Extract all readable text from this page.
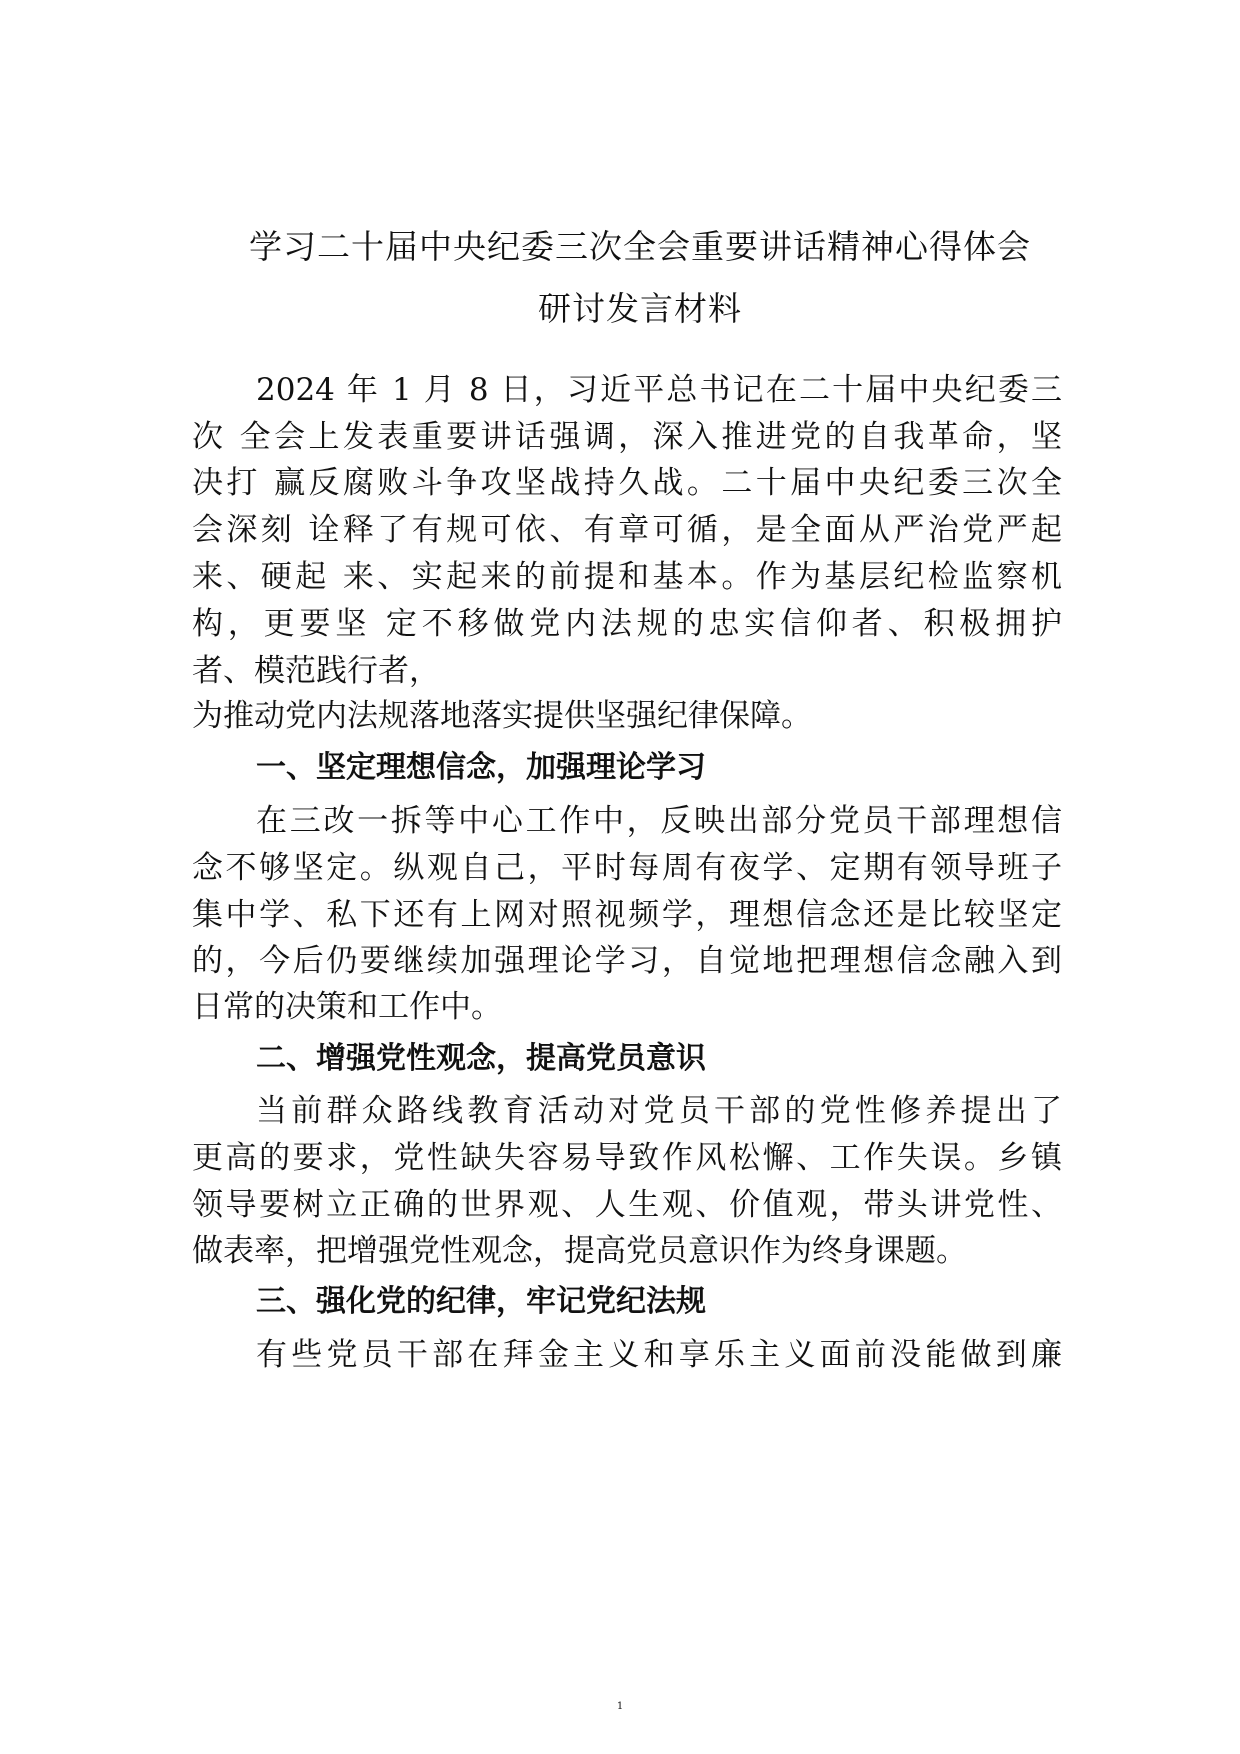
学习二十届中央纪委三次全会重要讲话精神心得体会
研讨发言材料
2024 年 1 月 8 日，习近平总书记在二十届中央纪委三
次 全会上发表重要讲话强调，深入推进党的自我革命，坚
决打 赢反腐败斗争攻坚战持久战。二十届中央纪委三次全
会深刻 诠释了有规可依、有章可循，是全面从严治党严起
来、硬起 来、实起来的前提和基本。作为基层纪检监察机
构，更要坚 定不移做党内法规的忠实信仰者、积极拥护
者、模范践行者，
为推动党内法规落地落实提供坚强纪律保障。
一、坚定理想信念，加强理论学习
在三改一拆等中心工作中，反映出部分党员干部理想信
念不够坚定。纵观自己，平时每周有夜学、定期有领导班子
集中学、私下还有上网对照视频学，理想信念还是比较坚定
的，今后仍要继续加强理论学习，自觉地把理想信念融入到
日常的决策和工作中。
二、增强党性观念，提高党员意识
当前群众路线教育活动对党员干部的党性修养提出了
更高的要求，党性缺失容易导致作风松懈、工作失误。乡镇
领导要树立正确的世界观、人生观、价值观，带头讲党性、
做表率，把增强党性观念，提高党员意识作为终身课题。
三、强化党的纪律，牢记党纪法规
有些党员干部在拜金主义和享乐主义面前没能做到廉
1
